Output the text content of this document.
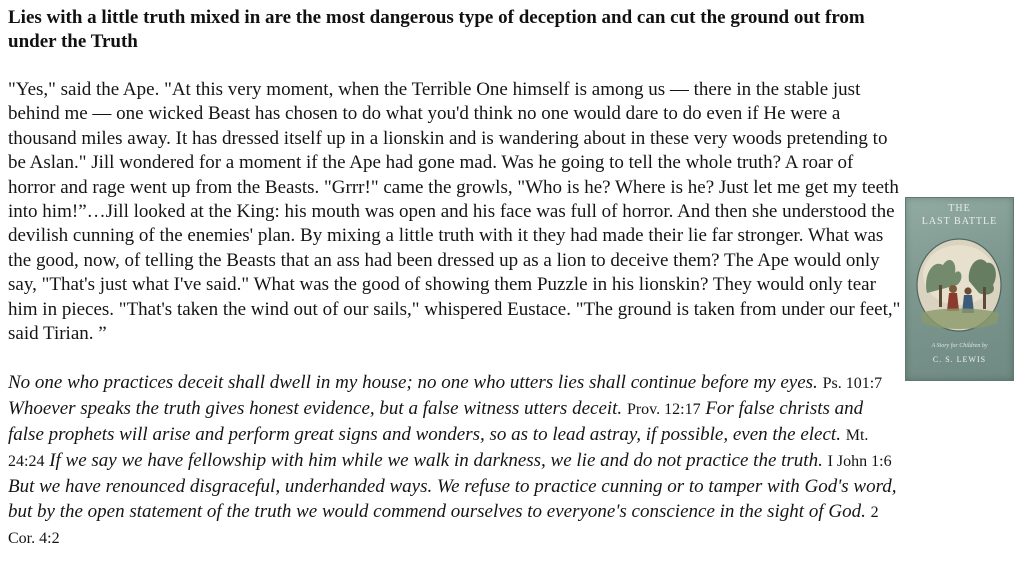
Lies with a little truth mixed in are the most dangerous type of deception and can cut the ground out from under the Truth

"Yes," said the Ape. "At this very moment, when the Terrible One himself is among us — there in the stable just behind me — one wicked Beast has chosen to do what you'd think no one would dare to do even if He were a thousand miles away. It has dressed itself up in a lionskin and is wandering about in these very woods pretending to be Aslan." Jill wondered for a moment if the Ape had gone mad. Was he going to tell the whole truth? A roar of horror and rage went up from the Beasts. "Grrr!" came the growls, "Who is he? Where is he? Just let me get my teeth into him!”…Jill looked at the King: his mouth was open and his face was full of horror. And then she understood the devilish cunning of the enemies' plan. By mixing a little truth with it they had made their lie far stronger. What was the good, now, of telling the Beasts that an ass had been dressed up as a lion to deceive them? The Ape would only say, "That's just what I've said." What was the good of showing them Puzzle in his lionskin? They would only tear him in pieces. "That's taken the wind out of our sails," whispered Eustace. "The ground is taken from under our feet," said Tirian. ”

No one who practices deceit shall dwell in my house; no one who utters lies shall continue before my eyes. Ps. 101:7 Whoever speaks the truth gives honest evidence, but a false witness utters deceit. Prov. 12:17 For false christs and false prophets will arise and perform great signs and wonders, so as to lead astray, if possible, even the elect. Mt. 24:24 If we say we have fellowship with him while we walk in darkness, we lie and do not practice the truth. I John 1:6 But we have renounced disgraceful, underhanded ways. We refuse to practice cunning or to tamper with God's word, but by the open statement of the truth we would commend ourselves to everyone's conscience in the sight of God. 2 Cor. 4:2

THE
LAST BATTLE
A Story for Children by
C. S. LEWIS
